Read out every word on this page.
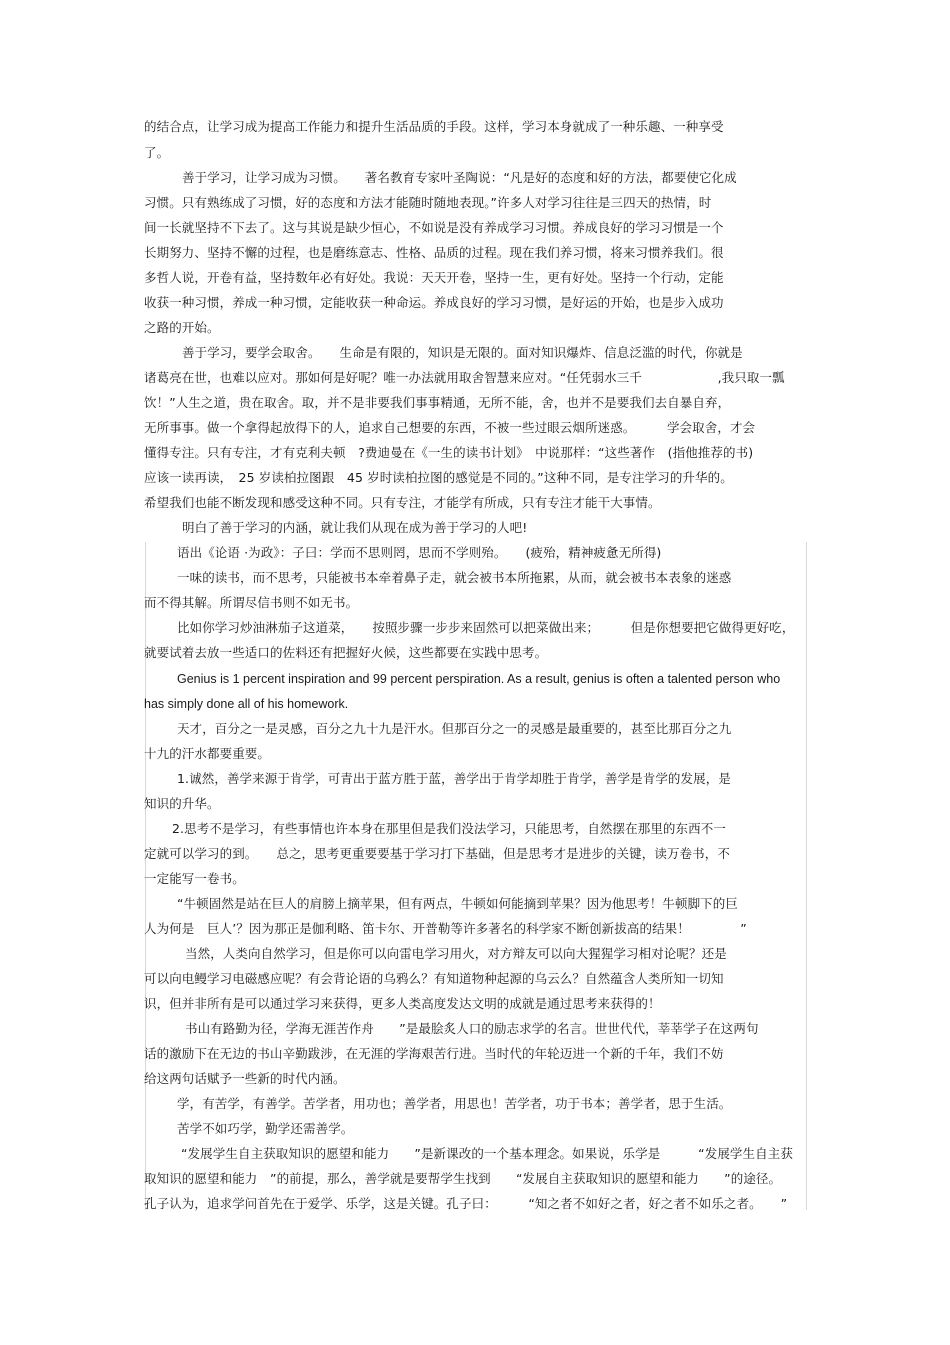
的结合点，让学习成为提高工作能力和提升生活品质的手段。这样，学习本身就成了一种乐趣、一种享受
了。
善于学习，让学习成为习惯。　　著名教育专家叶圣陶说：“凡是好的态度和好的方法，都要使它化成
习惯。只有熟练成了习惯，好的态度和方法才能随时随地表现。”许多人对学习往往是三四天的热情，时
间一长就坚持不下去了。这与其说是缺少恒心，不如说是没有养成学习习惯。养成良好的学习习惯是一个
长期努力、坚持不懈的过程，也是磨练意志、性格、品质的过程。现在我们养习惯，将来习惯养我们。很
多哲人说，开卷有益，坚持数年必有好处。我说：天天开卷，坚持一生，更有好处。坚持一个行动，定能
收获一种习惯，养成一种习惯，定能收获一种命运。养成良好的学习习惯，是好运的开始，也是步入成功
之路的开始。
善于学习，要学会取舍。　　生命是有限的，知识是无限的。面对知识爆炸、信息泛滥的时代，你就是
诸葛亮在世，也难以应对。那如何是好呢？唯一办法就用取舍智慧来应对。“任凭弱水三千　　　　　　,我只取一瓢
饮！”人生之道，贵在取舍。取，并不是非要我们事事精通，无所不能，舍，也并不是要我们去自暴自弃，
无所事事。做一个拿得起放得下的人，追求自己想要的东西，不被一些过眼云烟所迷惑。　　　学会取舍，才会
懂得专注。只有专注，才有克利夫顿　?费迪曼在《一生的读书计划》　中说那样：“这些著作　(指他推荐的书)
应该一读再读，　25 岁读柏拉图跟　45 岁时读柏拉图的感觉是不同的。”这种不同，是专注学习的升华的。
希望我们也能不断发现和感受这种不同。只有专注，才能学有所成，只有专注才能干大事情。
明白了善于学习的内涵，就让我们从现在成为善于学习的人吧!
语出《论语 ·为政》：子曰：学而不思则罔，思而不学则殆。　　(疲殆，精神疲惫无所得)
一味的读书，而不思考，只能被书本牵着鼻子走，就会被书本所拖累，从而，就会被书本表象的迷惑
而不得其解。所谓尽信书则不如无书。
比如你学习炒油淋茄子这道菜，　　按照步骤一步步来固然可以把菜做出来；　　　但是你想要把它做得更好吃，
就要试着去放一些适口的佐料还有把握好火候，这些都要在实践中思考。
Genius is 1 percent inspiration and 99 percent perspiration. As a result, genius is often a talented person who
has simply done all of his homework.
天才，百分之一是灵感，百分之九十九是汗水。但那百分之一的灵感是最重要的，甚至比那百分之九
十九的汗水都要重要。
1.诚然，善学来源于肯学，可青出于蓝方胜于蓝，善学出于肯学却胜于肯学，善学是肯学的发展，是
知识的升华。
2.思考不是学习，有些事情也许本身在那里但是我们没法学习，只能思考，自然摆在那里的东西不一
定就可以学习的到。　　总之，思考更重要要基于学习打下基础，但是思考才是进步的关键，读万卷书，不
一定能写一卷书。
“牛顿固然是站在巨人的肩膀上摘苹果，但有两点，牛顿如何能摘到苹果？因为他思考！牛顿脚下的巨
人为何是　巨人’？因为那正是伽利略、笛卡尔、开普勒等许多著名的科学家不断创新拔高的结果！　　　　”
当然，人类向自然学习，但是你可以向雷电学习用火，对方辩友可以向大猩猩学习相对论呢？还是
可以向电鳗学习电磁感应呢？有会背论语的乌鸦么？有知道物种起源的乌云么？自然蕴含人类所知一切知
识，但并非所有是可以通过学习来获得，更多人类高度发达文明的成就是通过思考来获得的！
书山有路勤为径，学海无涯苦作舟　　”是最脍炙人口的励志求学的名言。世世代代，莘莘学子在这两句
话的激励下在无边的书山辛勤跋涉，在无涯的学海艰苦行进。当时代的年轮迈进一个新的千年，我们不妨
给这两句话赋予一些新的时代内涵。
学，有苦学，有善学。苦学者，用功也；善学者，用思也！苦学者，功于书本；善学者，思于生活。
苦学不如巧学，勤学还需善学。
“发展学生自主获取知识的愿望和能力　　”是新课改的一个基本理念。如果说，乐学是　　　“发展学生自主获
取知识的愿望和能力　”的前提，那么，善学就是要帮学生找到　　“发展自主获取知识的愿望和能力　　”的途径。
孔子认为，追求学问首先在于爱学、乐学，这是关键。孔子曰：　　　“知之者不如好之者，好之者不如乐之者。　　”
